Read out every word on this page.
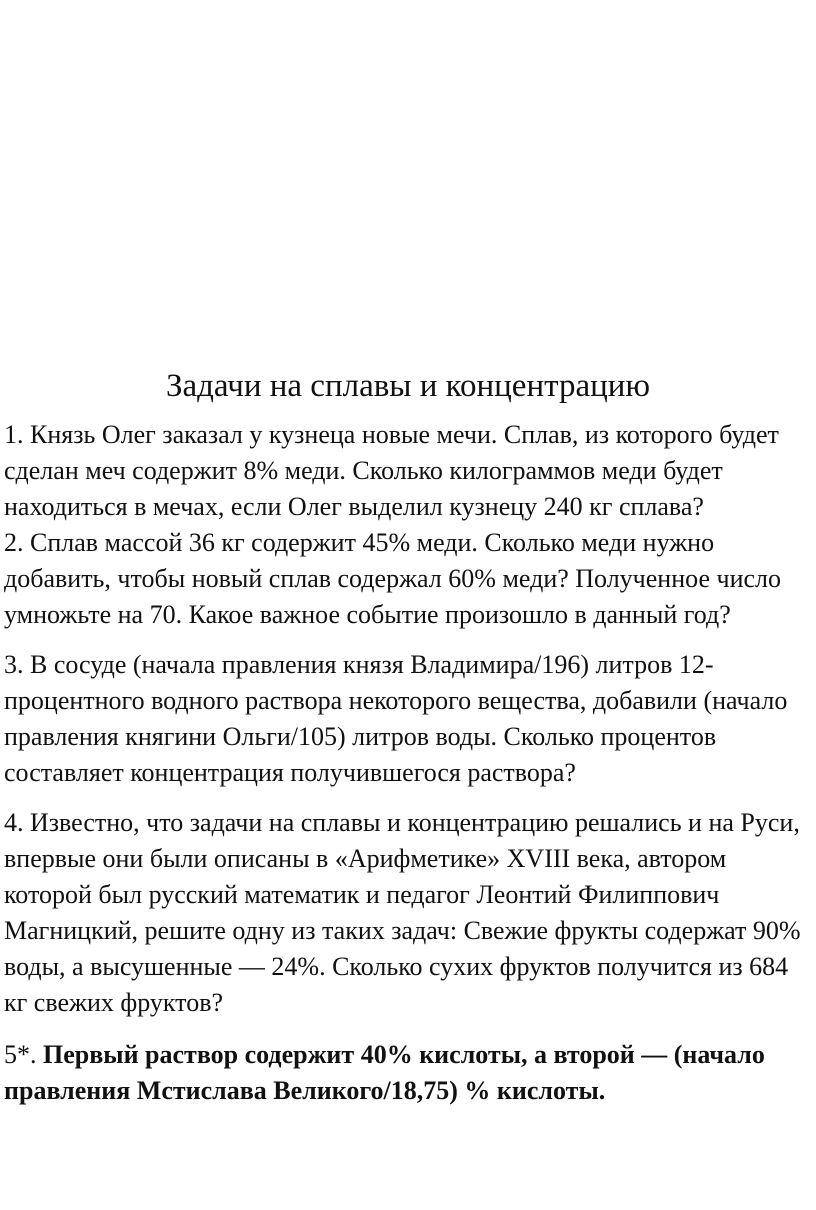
Задачи на сплавы и концентрацию

1. Князь Олег заказал у кузнеца новые мечи. Сплав, из которого будет сделан меч содержит 8% меди. Сколько килограммов меди будет находиться в мечах, если Олег выделил кузнецу 240 кг сплава?

2. Сплав массой 36 кг содержит 45% меди. Сколько меди нужно добавить, чтобы новый сплав содержал 60% меди? Полученное число умножьте на 70. Какое важное событие произошло в данный год?

3. В сосуде (начала правления князя Владимира/196) литров 12-процентного водного раствора некоторого вещества, добавили (начало правления княгини Ольги/105) литров воды. Сколько процентов составляет концентрация получившегося раствора?

4. Известно, что задачи на сплавы и концентрацию решались и на Руси, впервые они были описаны в «Арифметике» XVIII века, автором которой был русский математик и педагог Леонтий Филиппович Магницкий, решите одну из таких задач: Свежие фрукты содержат 90% воды, а высушенные — 24%. Сколько сухих фруктов получится из 684 кг свежих фруктов?

5*. Первый раствор содержит 40% кислоты, а второй — (начало правления Мстислава Великого/18,75) % кислоты.
